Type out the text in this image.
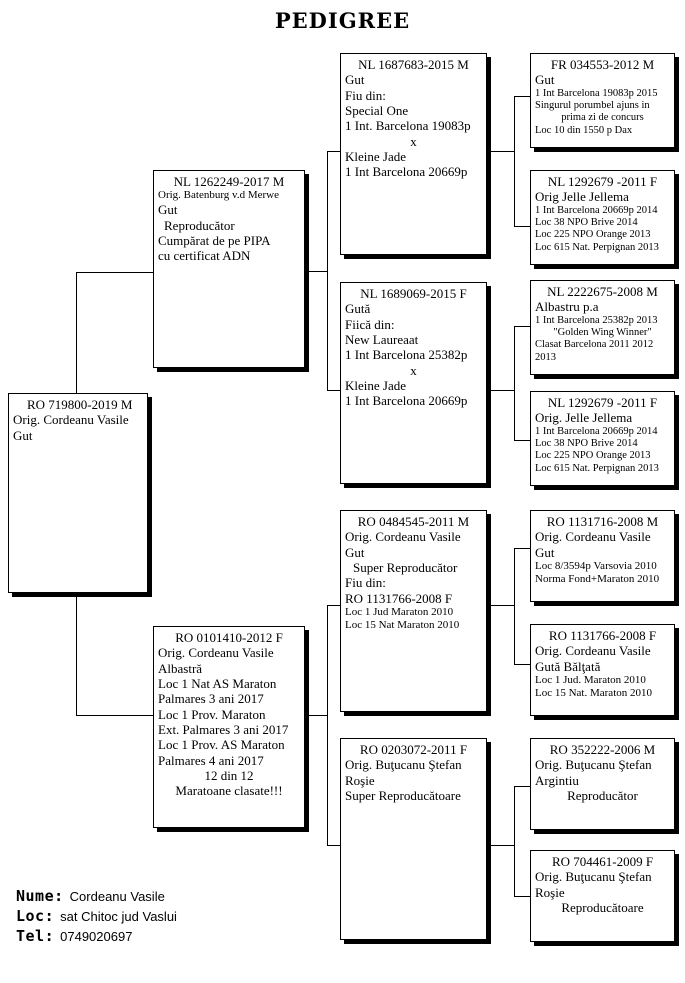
PEDIGREE
RO 719800-2019 M
Orig. Cordeanu Vasile
Gut
NL 1262249-2017 M
Orig. Batenburg v.d Merwe
Gut
Reproducător
Cumpărat de pe PIPA
cu certificat ADN
RO 0101410-2012 F
Orig. Cordeanu Vasile
Albastră
Loc 1 Nat AS Maraton
Palmares 3 ani 2017
Loc 1 Prov. Maraton
Ext. Palmares 3 ani 2017
Loc 1 Prov. AS Maraton
Palmares 4 ani 2017
12 din 12
Maratoane clasate!!!
NL 1687683-2015 M
Gut
Fiu din:
Special One
1 Int. Barcelona 19083p
x
Kleine Jade
1 Int Barcelona 20669p
NL 1689069-2015 F
Gută
Fiică din:
New Laureaat
1 Int Barcelona 25382p
x
Kleine Jade
1 Int Barcelona 20669p
RO 0484545-2011 M
Orig. Cordeanu Vasile
Gut
Super Reproducător
Fiu din:
RO 1131766-2008 F
Loc 1 Jud Maraton 2010
Loc 15 Nat Maraton 2010
RO 0203072-2011 F
Orig. Buţucanu Ştefan
Roşie
Super Reproducătoare
FR 034553-2012 M
Gut
1 Int Barcelona 19083p 2015
Singurul porumbel ajuns in
prima zi de concurs
Loc 10 din 1550 p Dax
NL 1292679 -2011 F
Orig Jelle Jellema
1 Int Barcelona 20669p 2014
Loc 38 NPO Brive 2014
Loc 225 NPO Orange 2013
Loc 615 Nat. Perpignan 2013
NL 2222675-2008 M
Albastru p.a
1 Int Barcelona 25382p 2013
"Golden Wing Winner"
Clasat Barcelona 2011 2012
2013
NL 1292679 -2011 F
Orig. Jelle Jellema
1 Int Barcelona 20669p 2014
Loc 38 NPO Brive 2014
Loc 225 NPO Orange 2013
Loc 615 Nat. Perpignan 2013
RO 1131716-2008 M
Orig. Cordeanu Vasile
Gut
Loc 8/3594p Varsovia 2010
Norma Fond+Maraton 2010
RO 1131766-2008 F
Orig. Cordeanu Vasile
Gută Bălţată
Loc 1 Jud. Maraton 2010
Loc 15 Nat. Maraton 2010
RO 352222-2006 M
Orig. Buţucanu Ştefan
Argintiu
Reproducător
RO 704461-2009 F
Orig. Buţucanu Ştefan
Roşie
Reproducătoare
Nume: Cordeanu Vasile
Loc: sat Chitoc jud Vaslui
Tel: 0749020697
